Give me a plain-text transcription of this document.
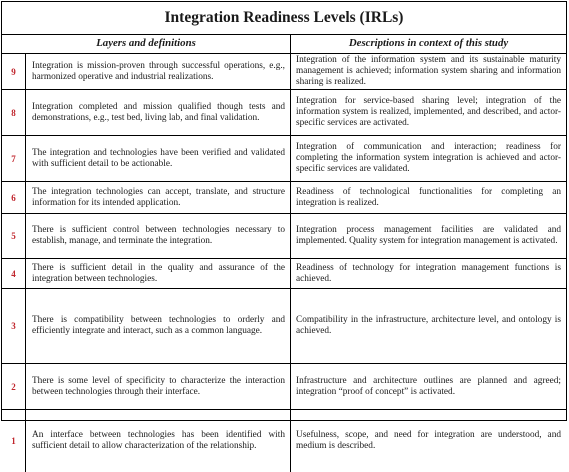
Integration Readiness Levels (IRLs)
Layers and definitions	Descriptions in context of this study
9
Integration is mission-proven through successful operations, e.g., harmonized operative and industrial realizations.
Integration of the information system and its sustainable maturity management is achieved; information system sharing and information sharing is realized.
8
Integration completed and mission qualified though tests and demonstrations, e.g., test bed, living lab, and final validation.
Integration for service-based sharing level; integration of the information system is realized, implemented, and described, and actor-specific services are activated.
7
The integration and technologies have been verified and validated with sufficient detail to be actionable.
Integration of communication and interaction; readiness for completing the information system integration is achieved and actor-specific services are validated.
6
The integration technologies can accept, translate, and structure information for its intended application.
Readiness of technological functionalities for completing an integration is realized.
5
There is sufficient control between technologies necessary to establish, manage, and terminate the integration.
Integration process management facilities are validated and implemented. Quality system for integration management is activated.
4
There is sufficient detail in the quality and assurance of the integration between technologies.
Readiness of technology for integration management functions is achieved.
3
There is compatibility between technologies to orderly and efficiently integrate and interact, such as a common language.
Compatibility in the infrastructure, architecture level, and ontology is achieved.
2
There is some level of specificity to characterize the interaction between technologies through their interface.
Infrastructure and architecture outlines are planned and agreed; integration “proof of concept” is activated.
1
An interface between technologies has been identified with sufficient detail to allow characterization of the relationship.
Usefulness, scope, and need for integration are understood, and medium is described.
